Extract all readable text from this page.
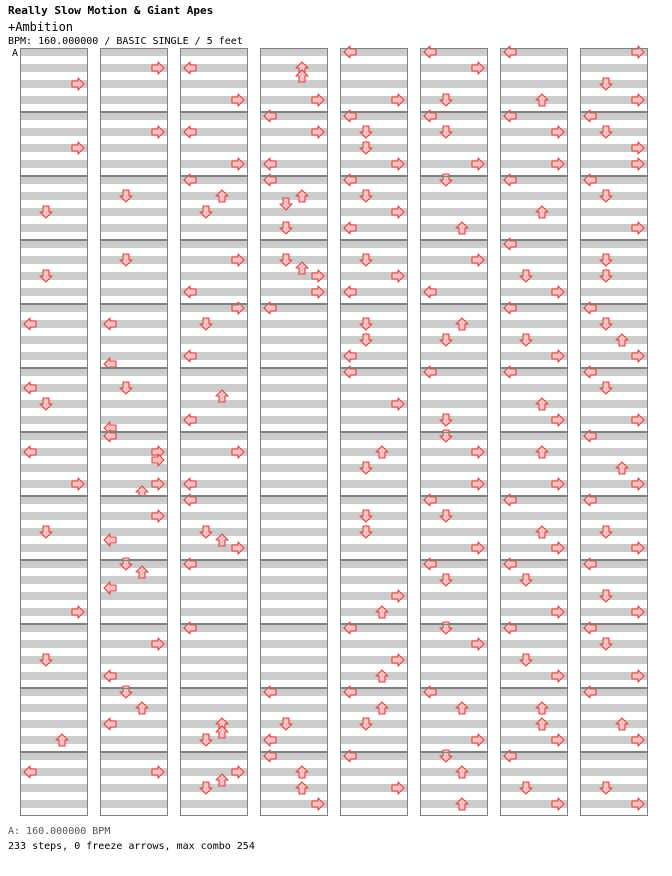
Really Slow Motion & Giant Apes
+Ambition
BPM: 160.000000 / BASIC SINGLE / 5 feet
A
A: 160.000000 BPM
233 steps, 0 freeze arrows, max combo 254
